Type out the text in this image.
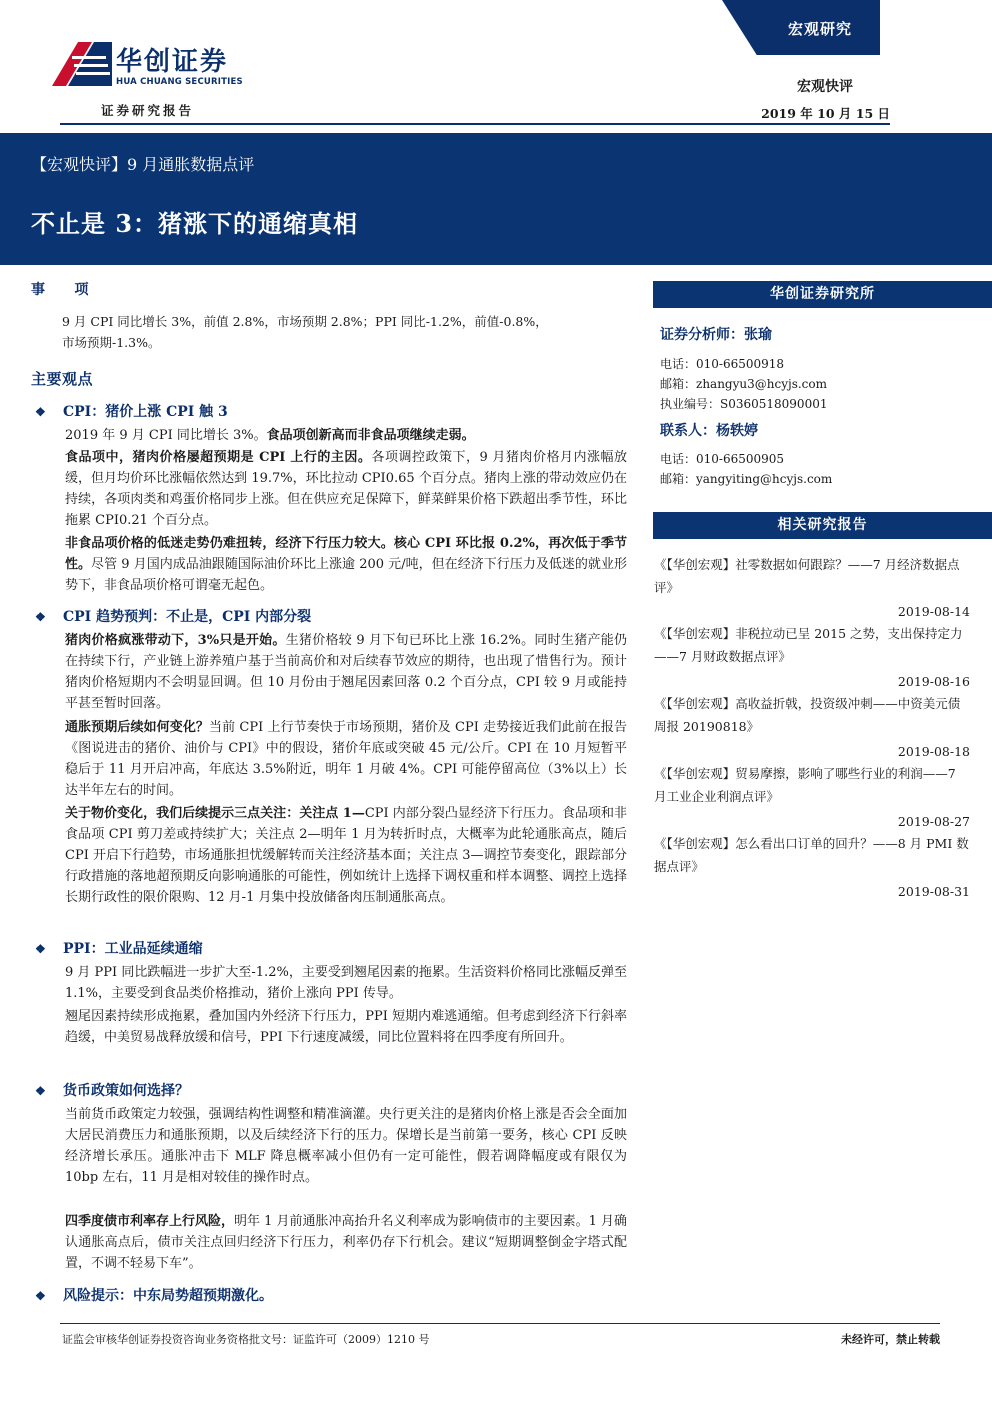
华创证券
HUA CHUANG SECURITIES
证券研究报告
宏观研究
宏观快评
2019 年 10 月 15 日
【宏观快评】9 月通胀数据点评
不止是 3：猪涨下的通缩真相
事　　项
9 月 CPI 同比增长 3%，前值 2.8%，市场预期 2.8%；PPI 同比-1.2%，前值-0.8%，
市场预期-1.3%。
主要观点
❖ CPI：猪价上涨 CPI 触 3
2019 年 9 月 CPI 同比增长 3%。食品项创新高而非食品项继续走弱。
食品项中，猪肉价格屡超预期是 CPI 上行的主因。各项调控政策下，9 月猪肉价格月内涨幅放缓，但月均价环比涨幅依然达到 19.7%，环比拉动 CPI0.65 个百分点。猪肉上涨的带动效应仍在持续，各项肉类和鸡蛋价格同步上涨。但在供应充足保障下，鲜菜鲜果价格下跌超出季节性，环比拖累 CPI0.21 个百分点。
非食品项价格的低迷走势仍难扭转，经济下行压力较大。核心 CPI 环比报 0.2%，再次低于季节性。尽管 9 月国内成品油跟随国际油价环比上涨逾 200 元/吨，但在经济下行压力及低迷的就业形势下，非食品项价格可谓毫无起色。
❖ CPI 趋势预判：不止是，CPI 内部分裂
猪肉价格疯涨带动下，3%只是开始。生猪价格较 9 月下旬已环比上涨 16.2%。同时生猪产能仍在持续下行，产业链上游养殖户基于当前高价和对后续春节效应的期待，也出现了惜售行为。预计猪肉价格短期内不会明显回调。但 10 月份由于翘尾因素回落 0.2 个百分点，CPI 较 9 月或能持平甚至暂时回落。
通胀预期后续如何变化？当前 CPI 上行节奏快于市场预期，猪价及 CPI 走势接近我们此前在报告《图说进击的猪价、油价与 CPI》中的假设，猪价年底或突破 45 元/公斤。CPI 在 10 月短暂平稳后于 11 月开启冲高，年底达 3.5%附近，明年 1 月破 4%。CPI 可能停留高位（3%以上）长达半年左右的时间。
关于物价变化，我们后续提示三点关注：关注点 1—CPI 内部分裂凸显经济下行压力。食品项和非食品项 CPI 剪刀差或持续扩大；关注点 2—明年 1 月为转折时点，大概率为此轮通胀高点，随后 CPI 开启下行趋势，市场通胀担忧缓解转而关注经济基本面；关注点 3—调控节奏变化，跟踪部分行政措施的落地超预期反向影响通胀的可能性，例如统计上选择下调权重和样本调整、调控上选择长期行政性的限价限购、12 月-1 月集中投放储备肉压制通胀高点。
❖ PPI：工业品延续通缩
9 月 PPI 同比跌幅进一步扩大至-1.2%，主要受到翘尾因素的拖累。生活资料价格同比涨幅反弹至 1.1%，主要受到食品类价格推动，猪价上涨向 PPI 传导。
翘尾因素持续形成拖累，叠加国内外经济下行压力，PPI 短期内难逃通缩。但考虑到经济下行斜率趋缓，中美贸易战释放缓和信号，PPI 下行速度减缓，同比位置料将在四季度有所回升。
❖ 货币政策如何选择？
当前货币政策定力较强，强调结构性调整和精准滴灌。央行更关注的是猪肉价格上涨是否会全面加大居民消费压力和通胀预期，以及后续经济下行的压力。保增长是当前第一要务，核心 CPI 反映经济增长承压。通胀冲击下 MLF 降息概率减小但仍有一定可能性，假若调降幅度或有限仅为 10bp 左右，11 月是相对较佳的操作时点。
四季度债市利率存上行风险，明年 1 月前通胀冲高抬升名义利率成为影响债市的主要因素。1 月确认通胀高点后，债市关注点回归经济下行压力，利率仍存下行机会。建议“短期调整倒金字塔式配置，不调不轻易下车”。
❖ 风险提示：中东局势超预期激化。
华创证券研究所
证券分析师：张瑜
电话：010-66500918
邮箱：zhangyu3@hcyjs.com
执业编号：S0360518090001
联系人：杨轶婷
电话：010-66500905
邮箱：yangyiting@hcyjs.com
相关研究报告
《【华创宏观】社零数据如何跟踪？——7 月经济数据点评》
2019-08-14
《【华创宏观】非税拉动已呈 2015 之势，支出保持定力——7 月财政数据点评》
2019-08-16
《【华创宏观】高收益折戟，投资级冲刺——中资美元债周报 20190818》
2019-08-18
《【华创宏观】贸易摩擦，影响了哪些行业的利润——7 月工业企业利润点评》
2019-08-27
《【华创宏观】怎么看出口订单的回升？——8 月 PMI 数据点评》
2019-08-31
证监会审核华创证券投资咨询业务资格批文号：证监许可（2009）1210 号	未经许可，禁止转载
